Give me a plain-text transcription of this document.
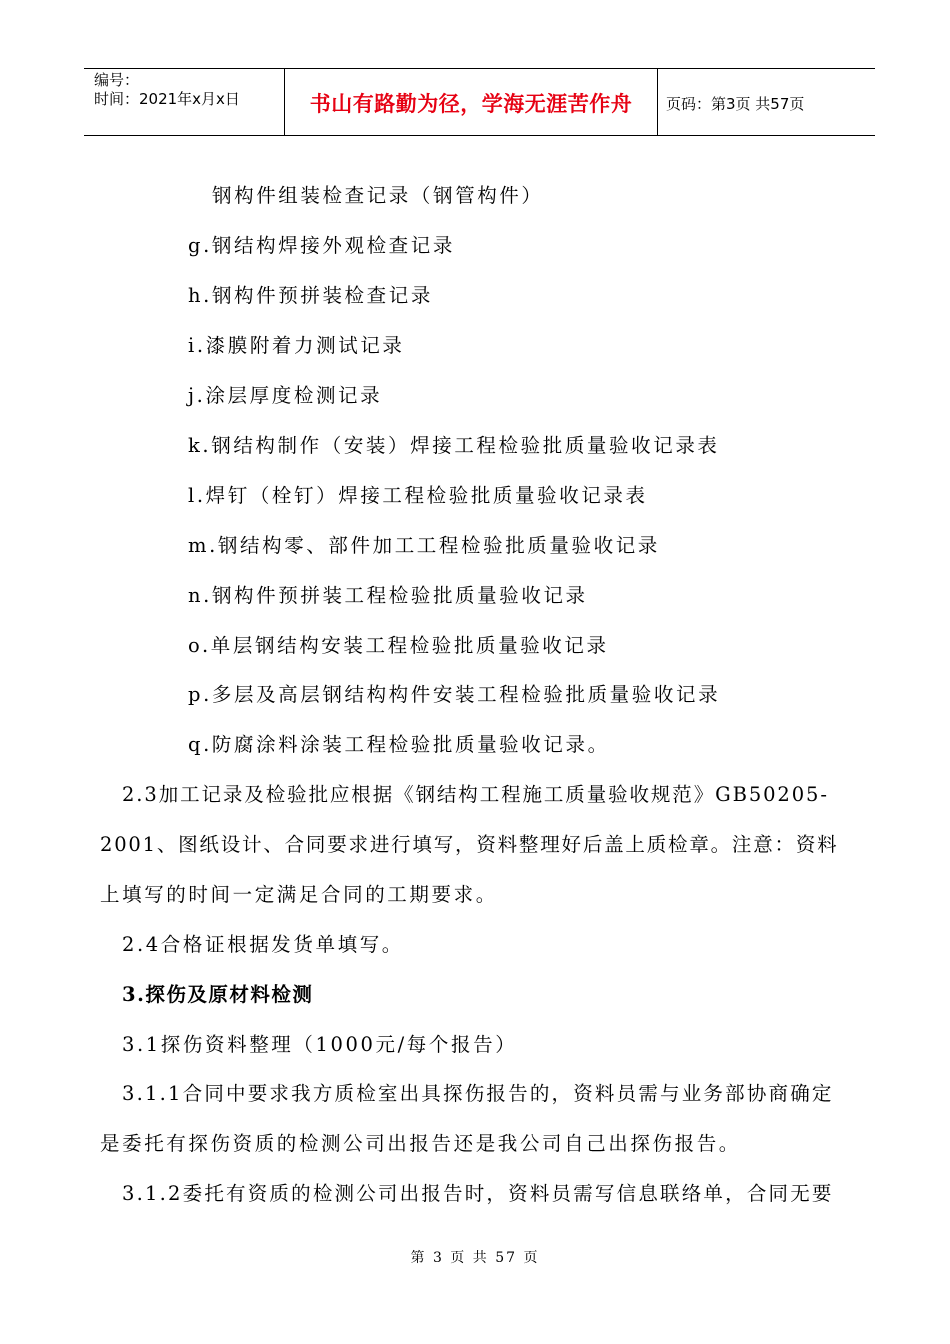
编号：
时间：2021年x月x日	书山有路勤为径，学海无涯苦作舟 页码：第3页 共57页
钢构件组装检查记录（钢管构件）
g.钢结构焊接外观检查记录
h.钢构件预拼装检查记录
i.漆膜附着力测试记录
j.涂层厚度检测记录
k.钢结构制作（安装）焊接工程检验批质量验收记录表
l.焊钉（栓钉）焊接工程检验批质量验收记录表
m.钢结构零、部件加工工程检验批质量验收记录
n.钢构件预拼装工程检验批质量验收记录
o.单层钢结构安装工程检验批质量验收记录
p.多层及高层钢结构构件安装工程检验批质量验收记录
q.防腐涂料涂装工程检验批质量验收记录。
2.3加工记录及检验批应根据《钢结构工程施工质量验收规范》GB50205-
2001、图纸设计、合同要求进行填写，资料整理好后盖上质检章。注意：资料
上填写的时间一定满足合同的工期要求。
2.4合格证根据发货单填写。
3.探伤及原材料检测
3.1探伤资料整理（1000元/每个报告）
3.1.1合同中要求我方质检室出具探伤报告的，资料员需与业务部协商确定
是委托有探伤资质的检测公司出报告还是我公司自己出探伤报告。
3.1.2委托有资质的检测公司出报告时，资料员需写信息联络单，合同无要
第 3 页 共 57 页
